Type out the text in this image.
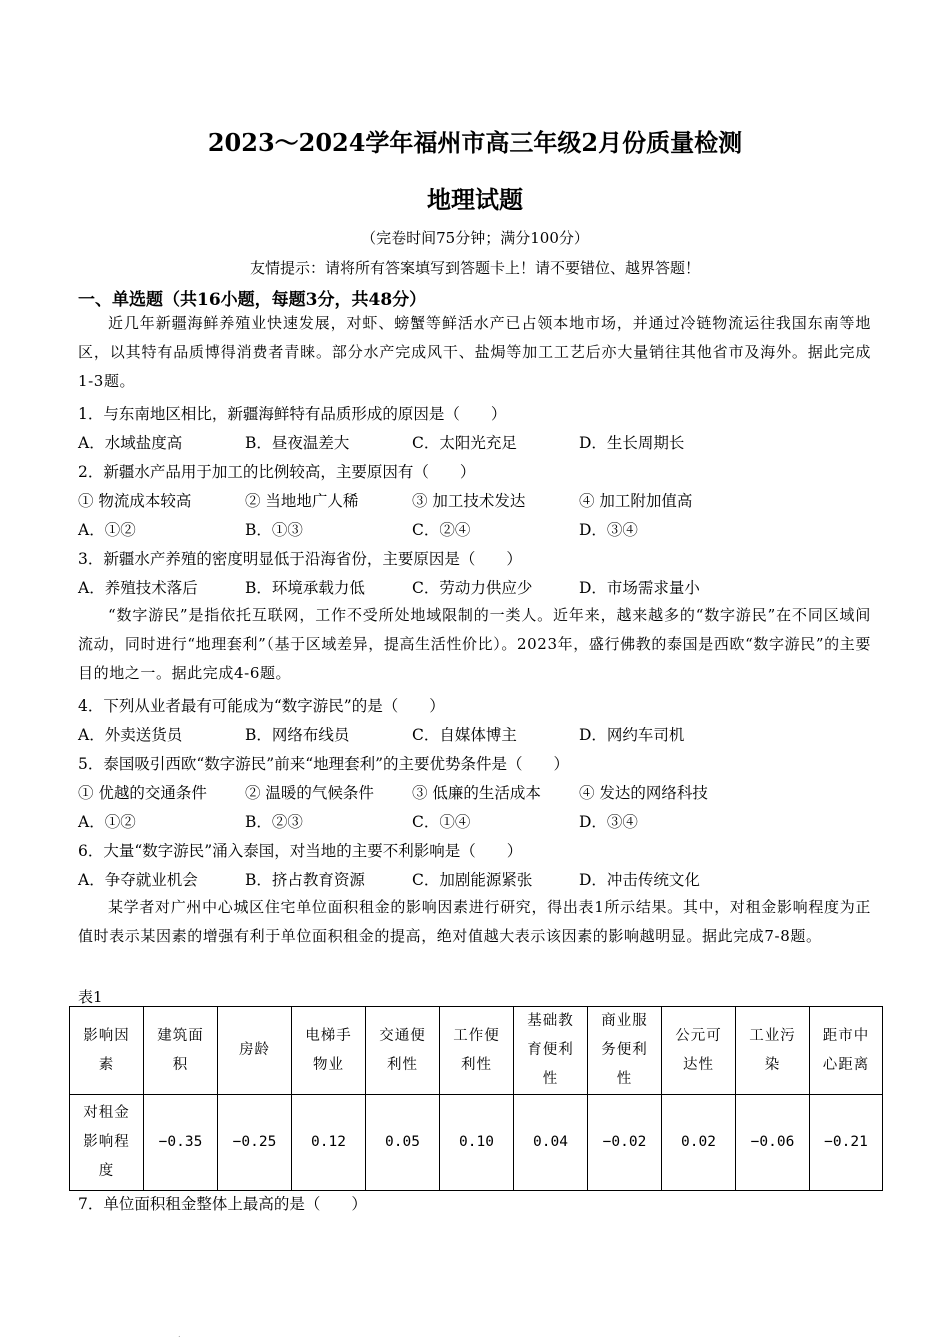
2023～2024学年福州市高三年级2月份质量检测
地理试题
（完卷时间75分钟；满分100分）
友情提示：请将所有答案填写到答题卡上！请不要错位、越界答题！
一、单选题（共16小题，每题3分，共48分）
近几年新疆海鲜养殖业快速发展，对虾、螃蟹等鲜活水产已占领本地市场，并通过冷链物流运往我国东南等地区，以其特有品质博得消费者青睐。部分水产完成风干、盐焗等加工工艺后亦大量销往其他省市及海外。据此完成1-3题。
1．与东南地区相比，新疆海鲜特有品质形成的原因是（　　）
A．水域盐度高	B．昼夜温差大	C．太阳光充足	D．生长周期长
2．新疆水产品用于加工的比例较高，主要原因有（　　）
① 物流成本较高	② 当地地广人稀	③ 加工技术发达	④ 加工附加值高
A．①②	B．①③	C．②④	D．③④
3．新疆水产养殖的密度明显低于沿海省份，主要原因是（　　）
A．养殖技术落后	B．环境承载力低	C．劳动力供应少	D．市场需求量小
“数字游民”是指依托互联网，工作不受所处地域限制的一类人。近年来，越来越多的“数字游民”在不同区域间流动，同时进行“地理套利”（基于区域差异，提高生活性价比）。2023年，盛行佛教的泰国是西欧“数字游民”的主要目的地之一。据此完成4-6题。
4．下列从业者最有可能成为“数字游民”的是（　　）
A．外卖送货员	B．网络布线员	C．自媒体博主	D．网约车司机
5．泰国吸引西欧“数字游民”前来“地理套利”的主要优势条件是（　　）
① 优越的交通条件 ② 温暖的气候条件 ③ 低廉的生活成本 ④ 发达的网络科技
A．①②	B．②③	C．①④	D．③④
6．大量“数字游民”涌入泰国，对当地的主要不利影响是（　　）
A．争夺就业机会	B．挤占教育资源	C．加剧能源紧张	D．冲击传统文化
某学者对广州中心城区住宅单位面积租金的影响因素进行研究，得出表1所示结果。其中，对租金影响程度为正值时表示某因素的增强有利于单位面积租金的提高，绝对值越大表示该因素的影响越明显。据此完成7-8题。
表1
影响因素	建筑面积	房龄	电梯手物业	交通便利性	工作便利性	基础教育便利性	商业服务便利性	公元可达性	工业污染	距市中心距离
对租金影响程度	−0.35	−0.25	0.12	0.05	0.10	0.04	−0.02	0.02	−0.06	−0.21
7．单位面积租金整体上最高的是（　　）
.
